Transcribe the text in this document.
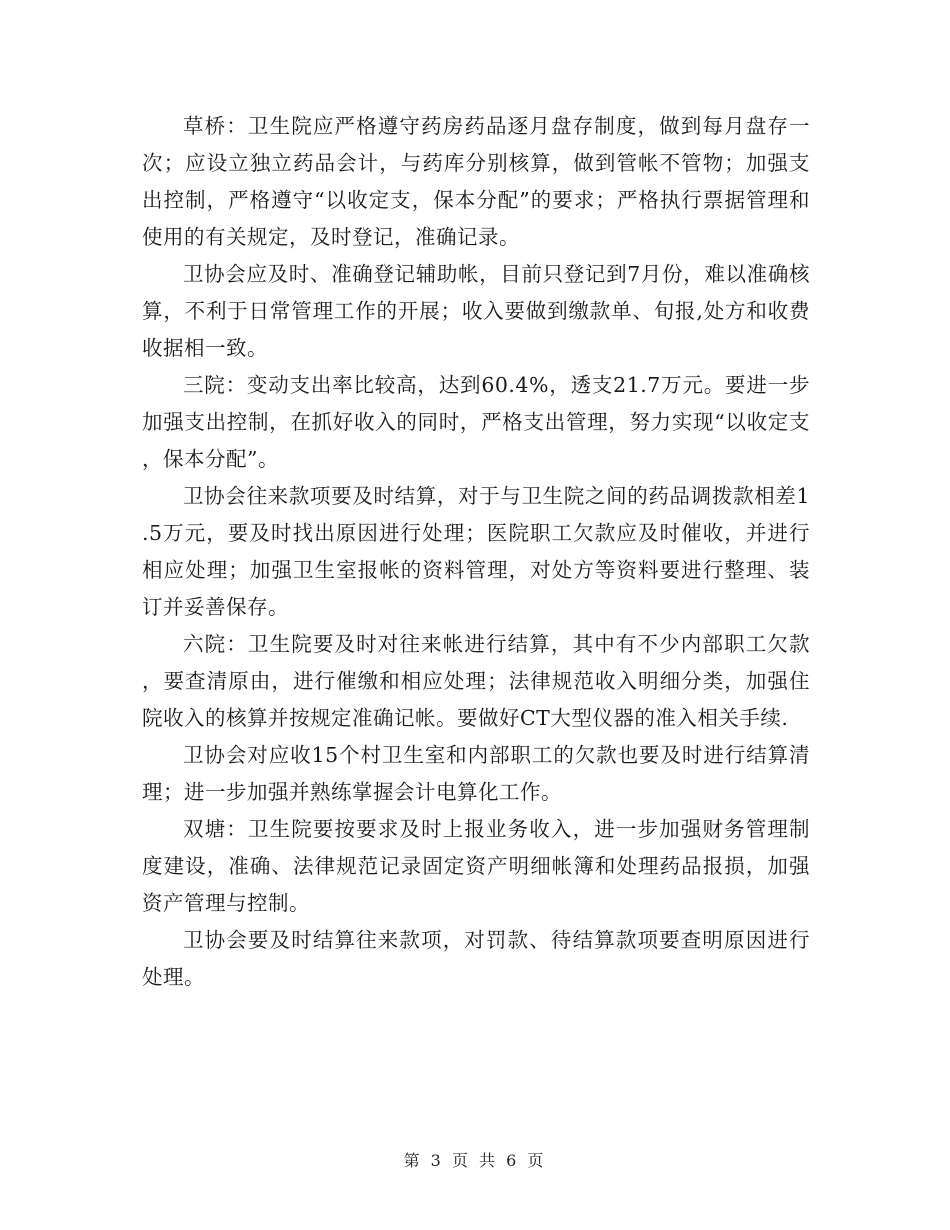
草桥：卫生院应严格遵守药房药品逐月盘存制度，做到每月盘存一次；应设立独立药品会计，与药库分别核算，做到管帐不管物；加强支出控制，严格遵守“以收定支，保本分配”的要求；严格执行票据管理和使用的有关规定，及时登记，准确记录。

卫协会应及时、准确登记辅助帐，目前只登记到7月份，难以准确核算，不利于日常管理工作的开展；收入要做到缴款单、旬报,处方和收费收据相一致。

三院：变动支出率比较高，达到60.4%，透支21.7万元。要进一步加强支出控制，在抓好收入的同时，严格支出管理，努力实现“以收定支，保本分配”。

卫协会往来款项要及时结算，对于与卫生院之间的药品调拨款相差1.5万元，要及时找出原因进行处理；医院职工欠款应及时催收，并进行相应处理；加强卫生室报帐的资料管理，对处方等资料要进行整理、装订并妥善保存。

六院：卫生院要及时对往来帐进行结算，其中有不少内部职工欠款，要查清原由，进行催缴和相应处理；法律规范收入明细分类，加强住院收入的核算并按规定准确记帐。要做好CT大型仪器的准入相关手续.

卫协会对应收15个村卫生室和内部职工的欠款也要及时进行结算清理；进一步加强并熟练掌握会计电算化工作。

双塘：卫生院要按要求及时上报业务收入，进一步加强财务管理制度建设，准确、法律规范记录固定资产明细帐簿和处理药品报损，加强资产管理与控制。

卫协会要及时结算往来款项，对罚款、待结算款项要查明原因进行处理。

第 3 页 共 6 页
